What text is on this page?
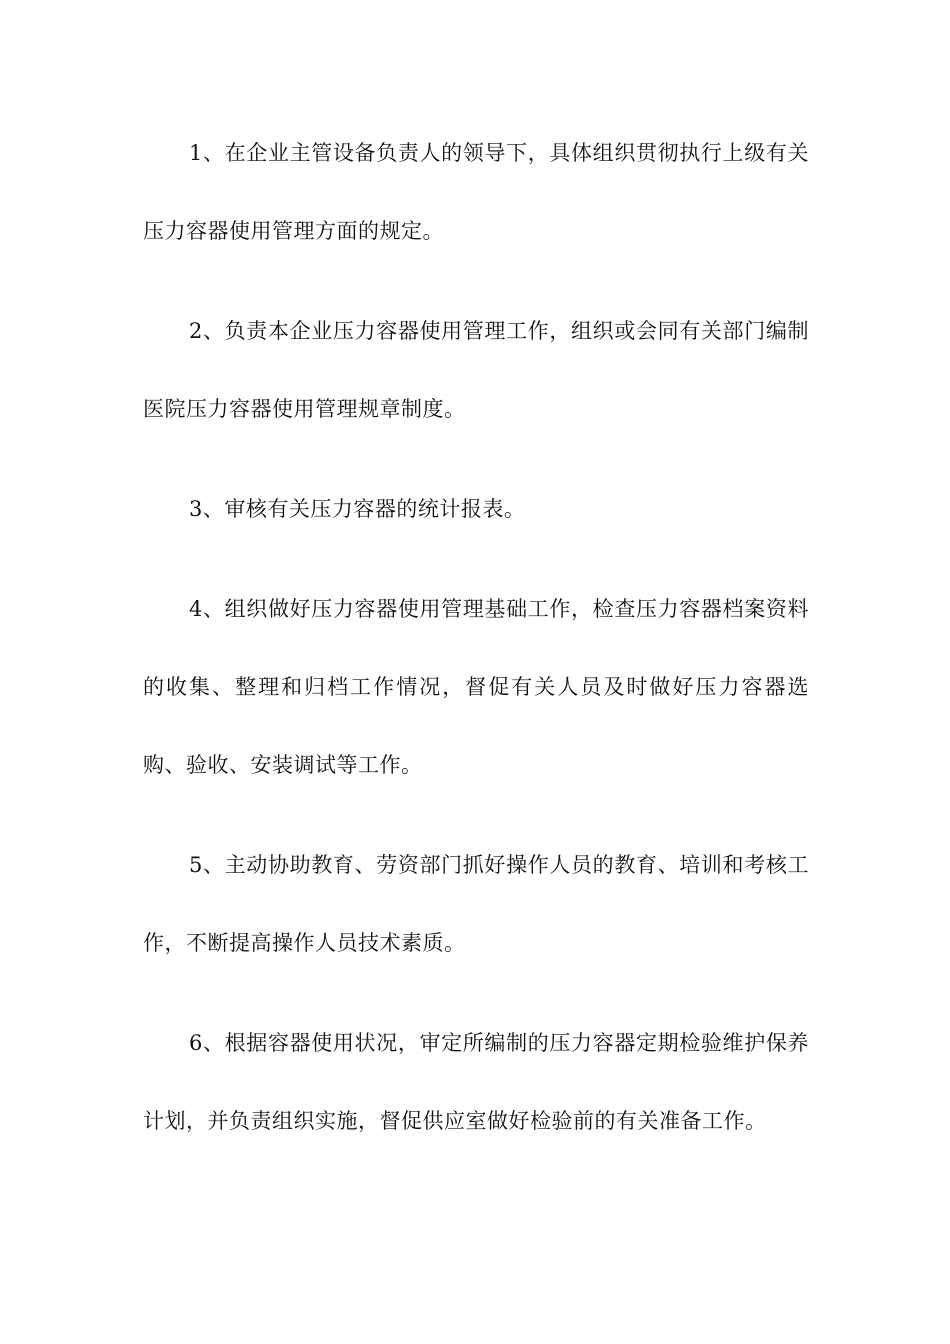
1、在企业主管设备负责人的领导下，具体组织贯彻执行上级有关压力容器使用管理方面的规定。

2、负责本企业压力容器使用管理工作，组织或会同有关部门编制医院压力容器使用管理规章制度。

3、审核有关压力容器的统计报表。

4、组织做好压力容器使用管理基础工作，检查压力容器档案资料的收集、整理和归档工作情况，督促有关人员及时做好压力容器选购、验收、安装调试等工作。

5、主动协助教育、劳资部门抓好操作人员的教育、培训和考核工作，不断提高操作人员技术素质。

6、根据容器使用状况，审定所编制的压力容器定期检验维护保养计划，并负责组织实施，督促供应室做好检验前的有关准备工作。
